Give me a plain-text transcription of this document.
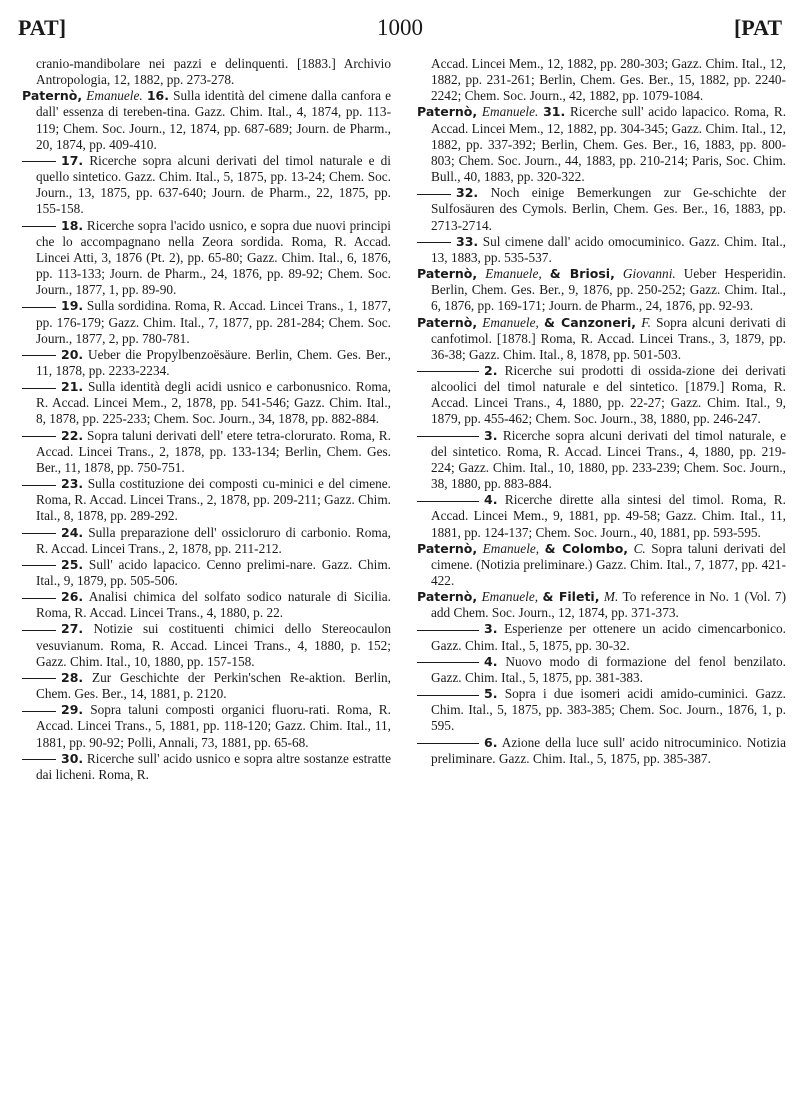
PAT]	1000	[PAT

cranio-mandibolare nei pazzi e delinquenti. [1883.] Archivio Antropologia, 12, 1882, pp. 273-278.

Paternò, Emanuele. 16. Sulla identità del cimene dalla canfora e dall' essenza di tereben-tina. Gazz. Chim. Ital., 4, 1874, pp. 113-119; Chem. Soc. Journ., 12, 1874, pp. 687-689; Journ. de Pharm., 20, 1874, pp. 409-410.

17. Ricerche sopra alcuni derivati del timol naturale e di quello sintetico. Gazz. Chim. Ital., 5, 1875, pp. 13-24; Chem. Soc. Journ., 13, 1875, pp. 637-640; Journ. de Pharm., 22, 1875, pp. 155-158.

18. Ricerche sopra l'acido usnico, e sopra due nuovi principi che lo accompagnano nella Zeora sordida. Roma, R. Accad. Lincei Atti, 3, 1876 (Pt. 2), pp. 65-80; Gazz. Chim. Ital., 6, 1876, pp. 113-133; Journ. de Pharm., 24, 1876, pp. 89-92; Chem. Soc. Journ., 1877, 1, pp. 89-90.

19. Sulla sordidina. Roma, R. Accad. Lincei Trans., 1, 1877, pp. 176-179; Gazz. Chim. Ital., 7, 1877, pp. 281-284; Chem. Soc. Journ., 1877, 2, pp. 780-781.

20. Ueber die Propylbenzoësäure. Berlin, Chem. Ges. Ber., 11, 1878, pp. 2233-2234.

21. Sulla identità degli acidi usnico e carbonusnico. Roma, R. Accad. Lincei Mem., 2, 1878, pp. 541-546; Gazz. Chim. Ital., 8, 1878, pp. 225-233; Chem. Soc. Journ., 34, 1878, pp. 882-884.

22. Sopra taluni derivati dell' etere tetra-clorurato. Roma, R. Accad. Lincei Trans., 2, 1878, pp. 133-134; Berlin, Chem. Ges. Ber., 11, 1878, pp. 750-751.

23. Sulla costituzione dei composti cu-minici e del cimene. Roma, R. Accad. Lincei Trans., 2, 1878, pp. 209-211; Gazz. Chim. Ital., 8, 1878, pp. 289-292.

24. Sulla preparazione dell' ossicloruro di carbonio. Roma, R. Accad. Lincei Trans., 2, 1878, pp. 211-212.

25. Sull' acido lapacico. Cenno prelimi-nare. Gazz. Chim. Ital., 9, 1879, pp. 505-506.

26. Analisi chimica del solfato sodico naturale di Sicilia. Roma, R. Accad. Lincei Trans., 4, 1880, p. 22.

27. Notizie sui costituenti chimici dello Stereocaulon vesuvianum. Roma, R. Accad. Lincei Trans., 4, 1880, p. 152; Gazz. Chim. Ital., 10, 1880, pp. 157-158.

28. Zur Geschichte der Perkin'schen Re-aktion. Berlin, Chem. Ges. Ber., 14, 1881, p. 2120.

29. Sopra taluni composti organici fluoru-rati. Roma, R. Accad. Lincei Trans., 5, 1881, pp. 118-120; Gazz. Chim. Ital., 11, 1881, pp. 90-92; Polli, Annali, 73, 1881, pp. 65-68.

30. Ricerche sull' acido usnico e sopra altre sostanze estratte dai licheni. Roma, R.

Accad. Lincei Mem., 12, 1882, pp. 280-303; Gazz. Chim. Ital., 12, 1882, pp. 231-261; Berlin, Chem. Ges. Ber., 15, 1882, pp. 2240-2242; Chem. Soc. Journ., 42, 1882, pp. 1079-1084.

Paternò, Emanuele. 31. Ricerche sull' acido lapacico. Roma, R. Accad. Lincei Mem., 12, 1882, pp. 304-345; Gazz. Chim. Ital., 12, 1882, pp. 337-392; Berlin, Chem. Ges. Ber., 16, 1883, pp. 800-803; Chem. Soc. Journ., 44, 1883, pp. 210-214; Paris, Soc. Chim. Bull., 40, 1883, pp. 320-322.

32. Noch einige Bemerkungen zur Ge-schichte der Sulfosäuren des Cymols. Berlin, Chem. Ges. Ber., 16, 1883, pp. 2713-2714.

33. Sul cimene dall' acido omocuminico. Gazz. Chim. Ital., 13, 1883, pp. 535-537.

Paternò, Emanuele, & Briosi, Giovanni. Ueber Hesperidin. Berlin, Chem. Ges. Ber., 9, 1876, pp. 250-252; Gazz. Chim. Ital., 6, 1876, pp. 169-171; Journ. de Pharm., 24, 1876, pp. 92-93.

Paternò, Emanuele, & Canzoneri, F. Sopra alcuni derivati di canfotimol. [1878.] Roma, R. Accad. Lincei Trans., 3, 1879, pp. 36-38; Gazz. Chim. Ital., 8, 1878, pp. 501-503.

2. Ricerche sui prodotti di ossida-zione dei derivati alcoolici del timol naturale e del sintetico. [1879.] Roma, R. Accad. Lincei Trans., 4, 1880, pp. 22-27; Gazz. Chim. Ital., 9, 1879, pp. 455-462; Chem. Soc. Journ., 38, 1880, pp. 246-247.

3. Ricerche sopra alcuni derivati del timol naturale, e del sintetico. Roma, R. Accad. Lincei Trans., 4, 1880, pp. 219-224; Gazz. Chim. Ital., 10, 1880, pp. 233-239; Chem. Soc. Journ., 38, 1880, pp. 883-884.

4. Ricerche dirette alla sintesi del timol. Roma, R. Accad. Lincei Mem., 9, 1881, pp. 49-58; Gazz. Chim. Ital., 11, 1881, pp. 124-137; Chem. Soc. Journ., 40, 1881, pp. 593-595.

Paternò, Emanuele, & Colombo, C. Sopra taluni derivati del cimene. (Notizia preliminare.) Gazz. Chim. Ital., 7, 1877, pp. 421-422.

Paternò, Emanuele, & Fileti, M. To reference in No. 1 (Vol. 7) add Chem. Soc. Journ., 12, 1874, pp. 371-373.

3. Esperienze per ottenere un acido cimencarbonico. Gazz. Chim. Ital., 5, 1875, pp. 30-32.

4. Nuovo modo di formazione del fenol benzilato. Gazz. Chim. Ital., 5, 1875, pp. 381-383.

5. Sopra i due isomeri acidi amido-cuminici. Gazz. Chim. Ital., 5, 1875, pp. 383-385; Chem. Soc. Journ., 1876, 1, p. 595.

6. Azione della luce sull' acido nitrocuminico. Notizia preliminare. Gazz. Chim. Ital., 5, 1875, pp. 385-387.
